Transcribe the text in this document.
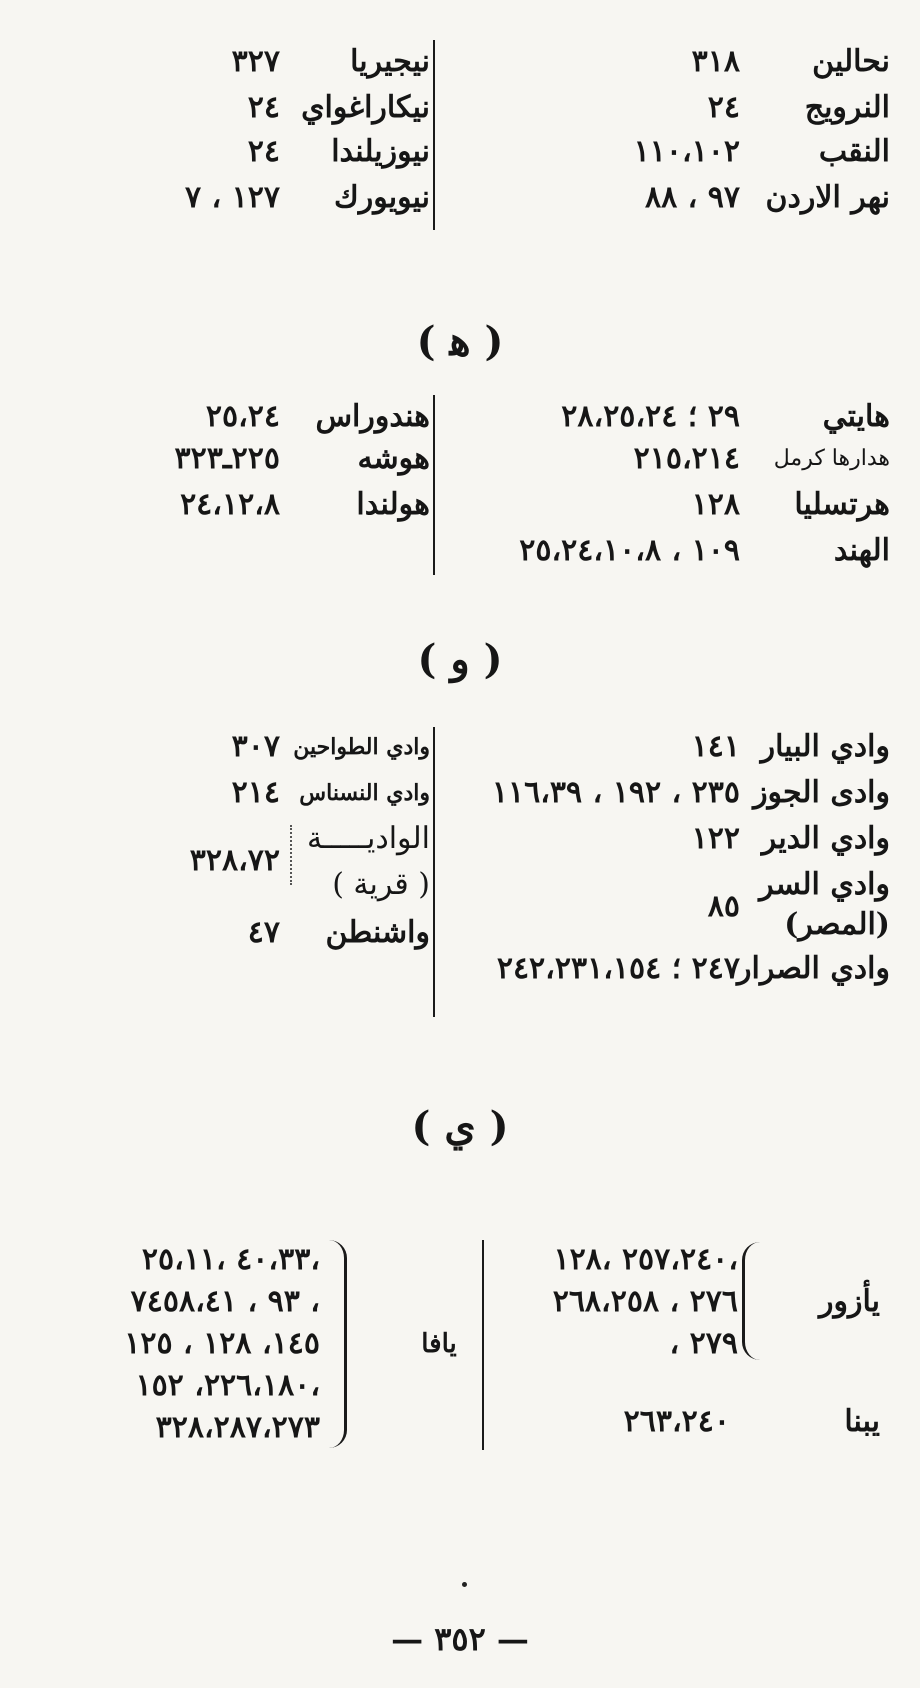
نحالين
٣١٨
النرويج
٢٤
النقب
١١٠،١٠٢
نهر الاردن
٩٧ ، ٨٨
نيجيريا
٣٢٧
نيكاراغواي
٢٤
نيوزيلندا
٢٤
نيويورك
١٢٧ ، ٧
( ﻫ )
هايتي
٢٩ ؛ ٢٨،٢٥،٢٤
هدارها كرمل
٢١٥،٢١٤
هرتسليا
١٢٨
الهند
١٠٩ ، ٢٥،٢٤،١٠،٨
هندوراس
٢٥،٢٤
هوشه
٢٢٥ـ٣٢٣
هولندا
٢٤،١٢،٨
( و )
وادي البيار
١٤١
وادى الجوز
٢٣٥ ، ١٩٢ ، ١١٦،٣٩
وادي الدير
١٢٢
وادي السر
٨٥
(المصر)
وادي الصرار
٢٤٧ ؛ ٢٤٢،٢٣١،١٥٤
وادي الطواحين
٣٠٧
وادي النسناس
٢١٤
الواديـــــة
٣٢٨،٧٢
( قرية )
واشنطن
٤٧
( ي )
يأزور
،٢٥٧،٢٤٠ ،١٢٨
٢٧٦ ، ٢٦٨،٢٥٨
٢٧٩ ،
يبنا
٢٦٣،٢٤٠
يافا
،٤٠،٣٣ ،٢٥،١١
، ٩٣ ، ٧٤٥٨،٤١
١٤٥، ١٢٨ ، ١٢٥
،٢٢٦،١٨٠، ١٥٢
٣٢٨،٢٨٧،٢٧٣
— ٣٥٢ —
